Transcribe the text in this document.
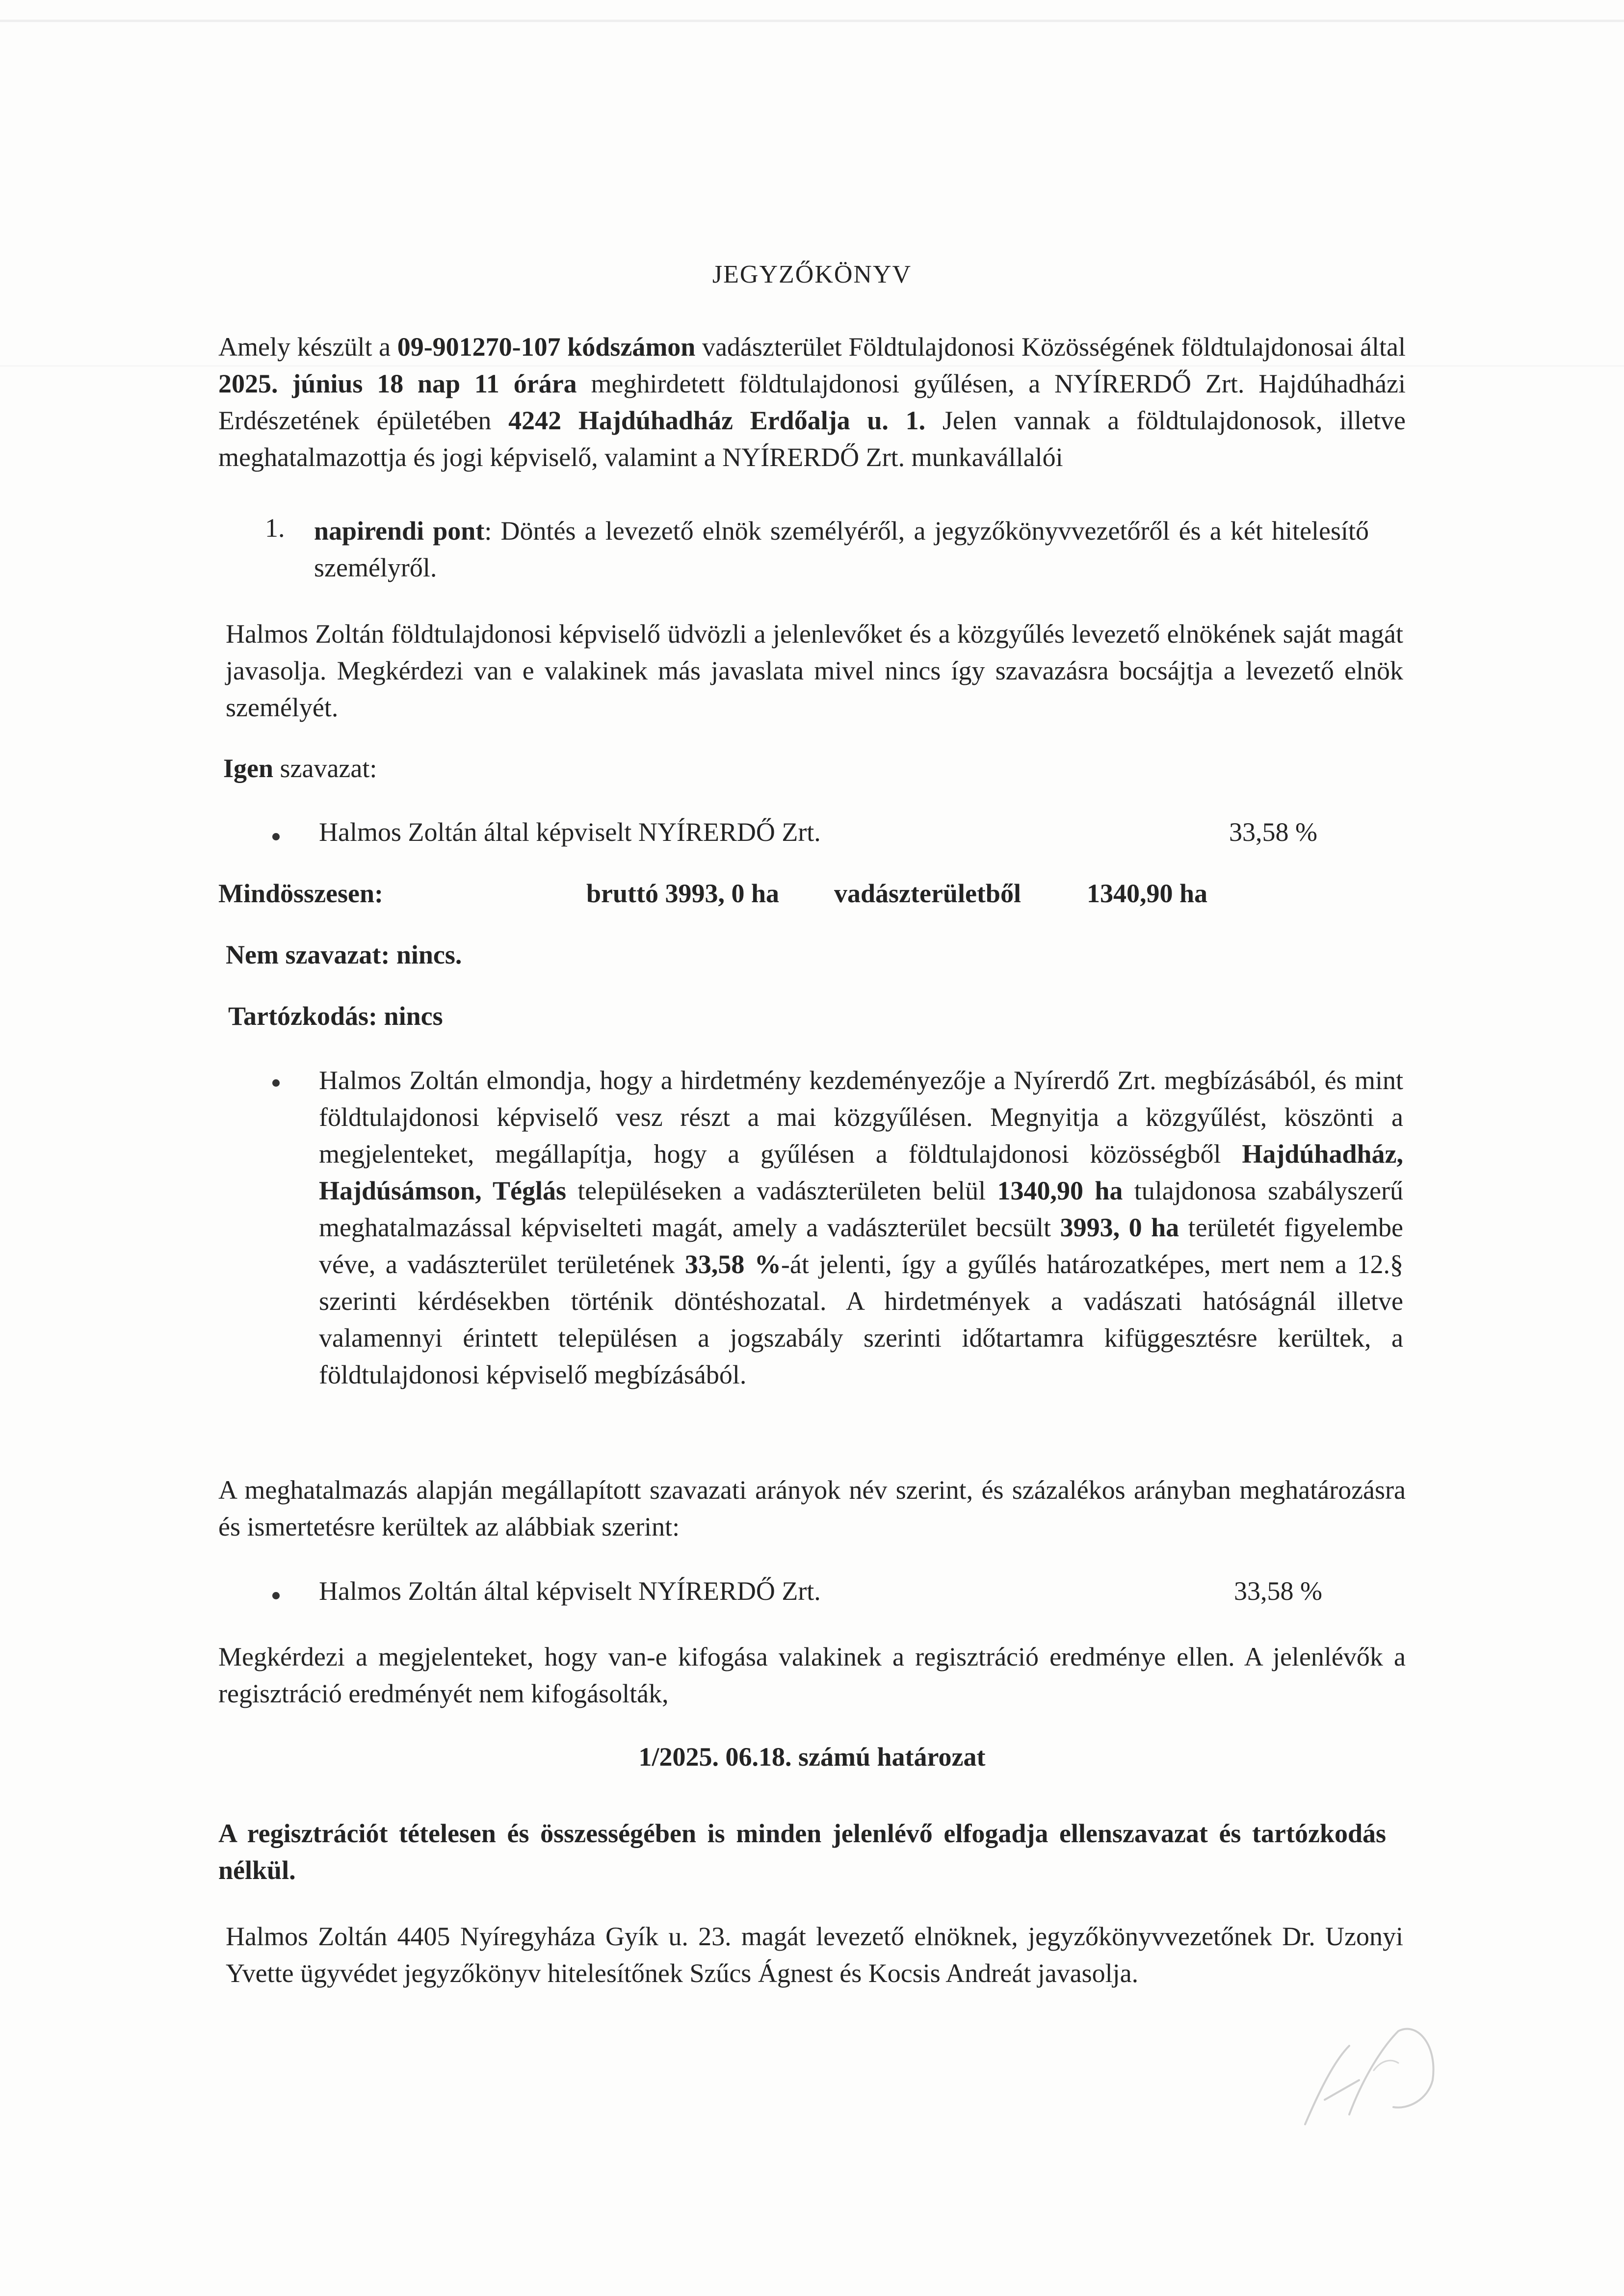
JEGYZŐKÖNYV
Amely készült a 09-901270-107 kódszámon vadászterület Földtulajdonosi Közösségének földtulajdonosai által 2025. június 18 nap 11 órára meghirdetett földtulajdonosi gyűlésen, a NYÍRERDŐ Zrt. Hajdúhadházi Erdészetének épületében 4242 Hajdúhadház Erdőalja u. 1. Jelen vannak a földtulajdonosok, illetve meghatalmazottja és jogi képviselő, valamint a NYÍRERDŐ Zrt. munkavállalói
1. napirendi pont: Döntés a levezető elnök személyéről, a jegyzőkönyvvezetőről és a két hitelesítő személyről.
Halmos Zoltán földtulajdonosi képviselő üdvözli a jelenlevőket és a közgyűlés levezető elnökének saját magát javasolja. Megkérdezi van e valakinek más javaslata mivel nincs így szavazásra bocsájtja a levezető elnök személyét.
Igen szavazat:
Halmos Zoltán által képviselt NYÍRERDŐ Zrt.	33,58 %
Mindösszesen:	bruttó 3993, 0 ha vadászterületből 1340,90 ha
Nem szavazat: nincs.
Tartózkodás: nincs
Halmos Zoltán elmondja, hogy a hirdetmény kezdeményezője a Nyírerdő Zrt. megbízásából, és mint földtulajdonosi képviselő vesz részt a mai közgyűlésen. Megnyitja a közgyűlést, köszönti a megjelenteket, megállapítja, hogy a gyűlésen a földtulajdonosi közösségből Hajdúhadház, Hajdúsámson, Téglás településeken a vadászterületen belül 1340,90 ha tulajdonosa szabályszerű meghatalmazással képviselteti magát, amely a vadászterület becsült 3993, 0 ha területét figyelembe véve, a vadászterület területének 33,58 %-át jelenti, így a gyűlés határozatképes, mert nem a 12.§ szerinti kérdésekben történik döntéshozatal. A hirdetmények a vadászati hatóságnál illetve valamennyi érintett településen a jogszabály szerinti időtartamra kifüggesztésre kerültek, a földtulajdonosi képviselő megbízásából.
A meghatalmazás alapján megállapított szavazati arányok név szerint, és százalékos arányban meghatározásra és ismertetésre kerültek az alábbiak szerint:
Halmos Zoltán által képviselt NYÍRERDŐ Zrt.	33,58 %
Megkérdezi a megjelenteket, hogy van-e kifogása valakinek a regisztráció eredménye ellen. A jelenlévők a regisztráció eredményét nem kifogásolták,
1/2025. 06.18. számú határozat
A regisztrációt tételesen és összességében is minden jelenlévő elfogadja ellenszavazat és tartózkodás nélkül.
Halmos Zoltán 4405 Nyíregyháza Gyík u. 23. magát levezető elnöknek, jegyzőkönyvvezetőnek Dr. Uzonyi Yvette ügyvédet jegyzőkönyv hitelesítőnek Szűcs Ágnest és Kocsis Andreát javasolja.
